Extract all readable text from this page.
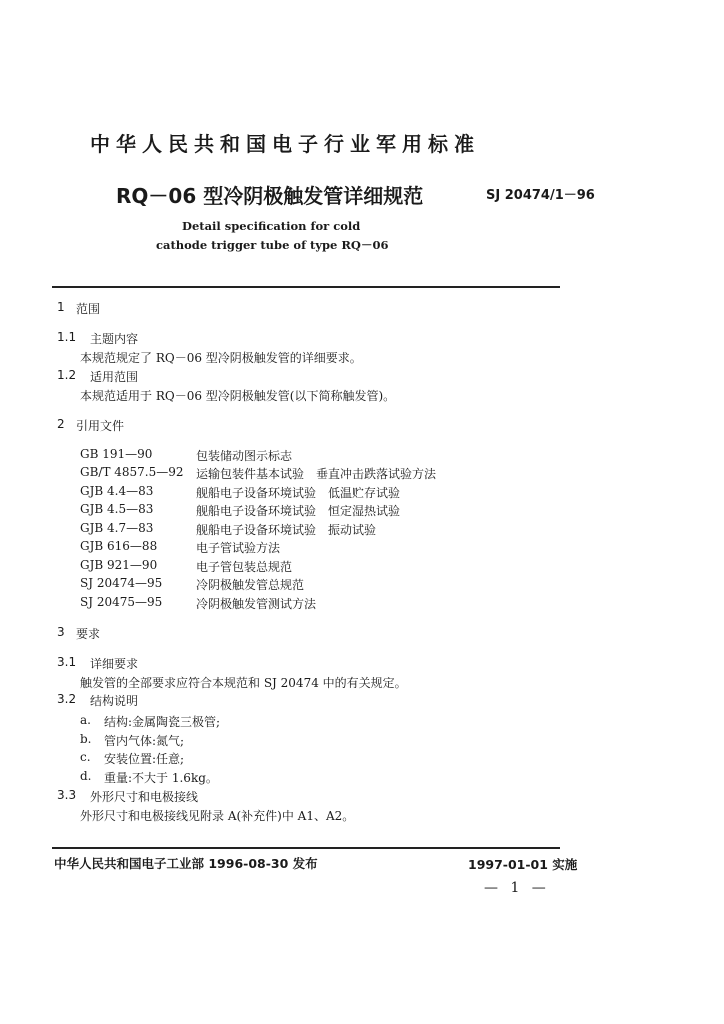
中华人民共和国电子行业军用标准
RQ－06 型冷阴极触发管详细规范	SJ 20474/1－96
Detail specification for cold
cathode trigger tube of type RQ－06
1 范围
1.1 主题内容
本规范规定了 RQ－06 型冷阴极触发管的详细要求。
1.2 适用范围
本规范适用于 RQ－06 型冷阴极触发管(以下简称触发管)。
2 引用文件
GB 191—90	包装储动图示标志
GB/T 4857.5—92 运输包装件基本试验　垂直冲击跌落试验方法
GJB 4.4—83	舰船电子设备环境试验　低温贮存试验
GJB 4.5—83	舰船电子设备环境试验　恒定湿热试验
GJB 4.7—83	舰船电子设备环境试验　振动试验
GJB 616—88	电子管试验方法
GJB 921—90	电子管包装总规范
SJ 20474—95	冷阴极触发管总规范
SJ 20475—95	冷阴极触发管测试方法
3 要求
3.1 详细要求
触发管的全部要求应符合本规范和 SJ 20474 中的有关规定。
3.2 结构说明
a. 结构:金属陶瓷三极管;
b. 管内气体:氮气;
c. 安装位置:任意;
d. 重量:不大于 1.6kg。
3.3 外形尺寸和电极接线
外形尺寸和电极接线见附录 A(补充件)中 A1、A2。
中华人民共和国电子工业部 1996-08-30 发布	1997-01-01 实施
— 1 —
